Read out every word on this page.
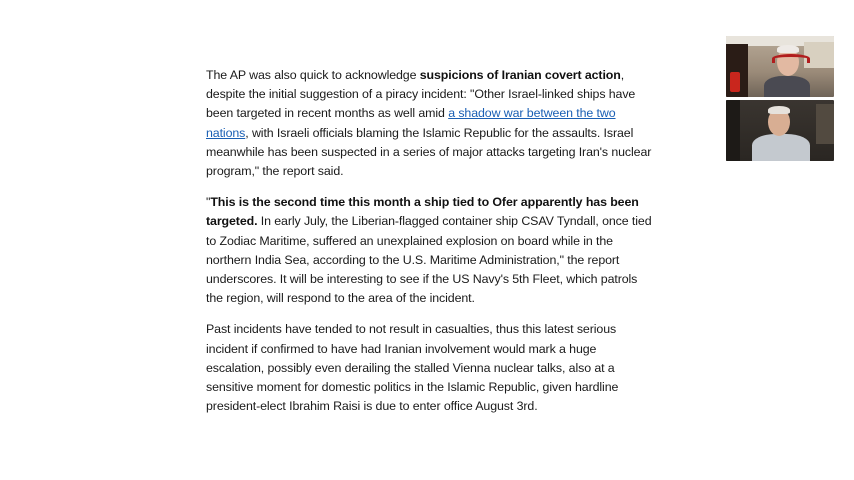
The AP was also quick to acknowledge suspicions of Iranian covert action, despite the initial suggestion of a piracy incident: "Other Israel-linked ships have been targeted in recent months as well amid a shadow war between the two nations, with Israeli officials blaming the Islamic Republic for the assaults. Israel meanwhile has been suspected in a series of major attacks targeting Iran's nuclear program," the report said.

"This is the second time this month a ship tied to Ofer apparently has been targeted. In early July, the Liberian-flagged container ship CSAV Tyndall, once tied to Zodiac Maritime, suffered an unexplained explosion on board while in the northern India Sea, according to the U.S. Maritime Administration," the report underscores. It will be interesting to see if the US Navy's 5th Fleet, which patrols the region, will respond to the area of the incident.

Past incidents have tended to not result in casualties, thus this latest serious incident if confirmed to have had Iranian involvement would mark a huge escalation, possibly even derailing the stalled Vienna nuclear talks, also at a sensitive moment for domestic politics in the Islamic Republic, given hardline president-elect Ibrahim Raisi is due to enter office August 3rd.
